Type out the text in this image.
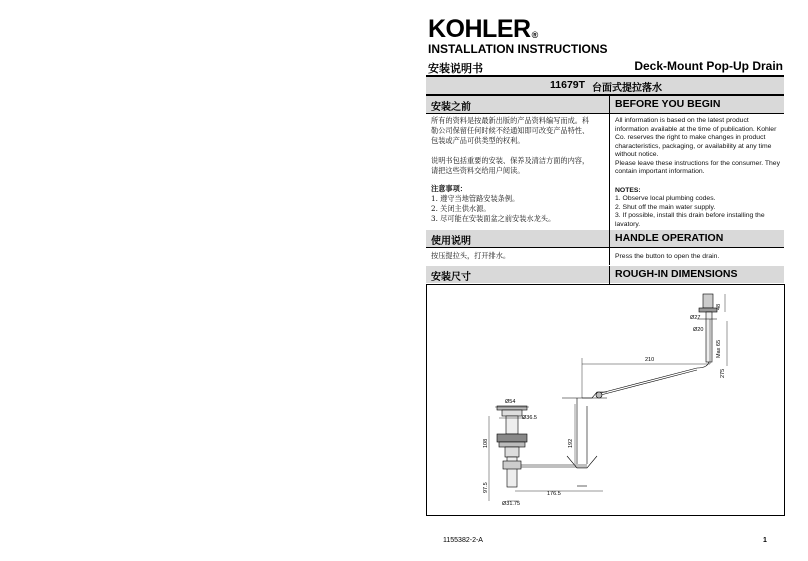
KOHLER®
INSTALLATION INSTRUCTIONS
安装说明书	Deck-Mount Pop-Up Drain
11679T 台面式提拉落水
安装之前	BEFORE YOU BEGIN
所有的资料是按最新出版的产品资料编写而成。科
勒公司保留任何时候不经通知即可改变产品特性、
包装或产品可供类型的权利。
说明书包括重要的安装、保养及清洁方面的内容，
请把这些资料交给用户阅读。
注意事项：
1. 遵守当地管路安装条例。
2. 关闭主供水源。
3. 尽可能在安装面盆之前安装水龙头。
All information is based on the latest product
information available at the time of publication. Kohler
Co. reserves the right to make changes in product
characteristics, packaging, or availability at any time
without notice.
Please leave these instructions for the consumer. They
contain important information.
NOTES:
1. Observe local plumbing codes.
2. Shut off the main water supply.
3. If possible, install this drain before installing the
lavatory.
使用说明	HANDLE OPERATION
按压提拉头，打开排水。	Press the button to open the drain.
安装尺寸	ROUGH-IN DIMENSIONS
Ø54
Ø36.5
108
97.5
Ø31.75
192
176.5
210
Ø27
Ø20
48
Max 65
275
1155382-2-A	1
